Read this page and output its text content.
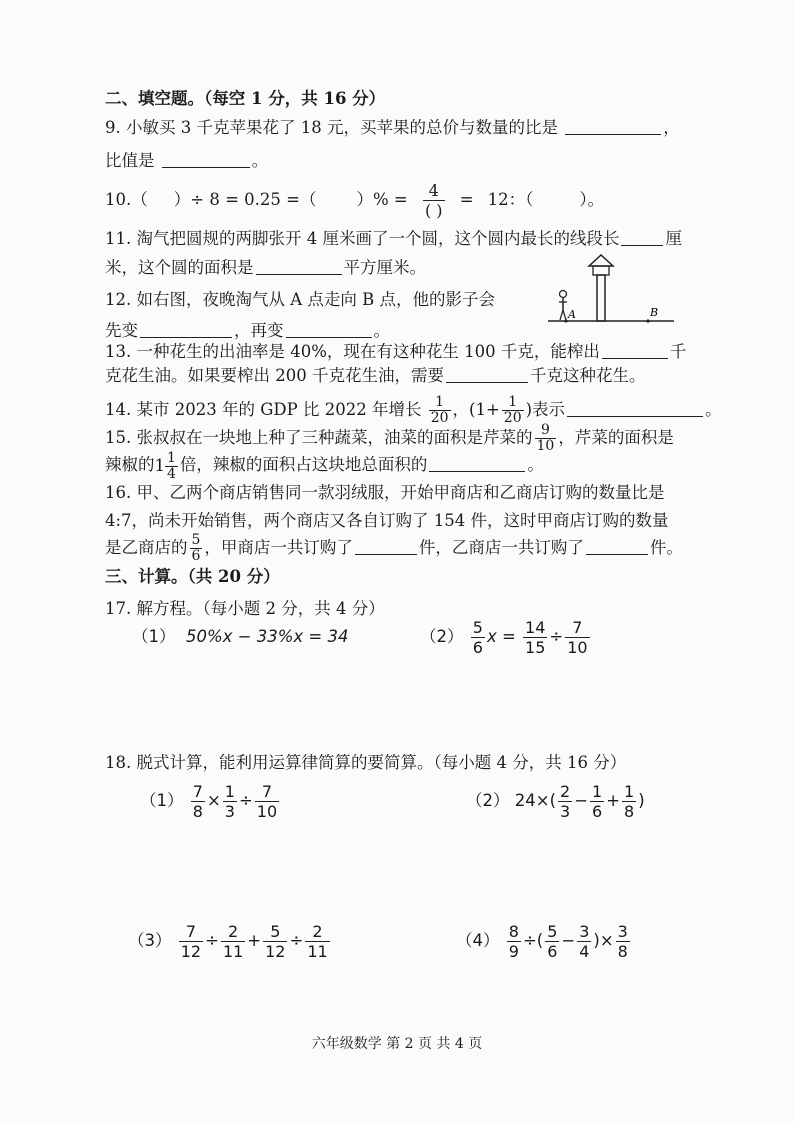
二、填空题。（每空 1 分，共 16 分）
9. 小敏买 3 千克苹果花了 18 元，买苹果的总价与数量的比是	，
比值是	。
10.（ ）÷ 8 = 0.25 =（ ）% = $\frac{4}{( )} = 12$：（	）。
11. 淘气把圆规的两脚张开 4 厘米画了一个圆，这个圆内最长的线段长	厘
米，这个圆的面积是	平方厘米。
12. 如右图，夜晚淘气从 A 点走向 B 点，他的影子会
先变	，再变	。
A	B
13. 一种花生的出油率是 40%，现在有这种花生 100 千克，能榨出	千
克花生油。如果要榨出 200 千克花生油，需要	千克这种花生。
14. 某市 2023 年的 GDP 比 2022 年增长 $\frac{1}{20}$ ，($1+ \frac{1}{20}$ )表示	。
15. 张叔叔在一块地上种了三种蔬菜，油菜的面积是芹菜的 $\frac{9}{10}$ ，芹菜的面积是
辣椒的$1 \frac{1}{4}$ 倍，辣椒的面积占这块地总面积的	。
16. 甲、乙两个商店销售同一款羽绒服，开始甲商店和乙商店订购的数量比是
4:7，尚未开始销售，两个商店又各自订购了 154 件，这时甲商店订购的数量
是乙商店的 $\frac{5}{6}$ ，甲商店一共订购了	件，乙商店一共订购了	件。
三、计算。（共 20 分）
17. 解方程。（每小题 2 分，共 4 分）
（1） 50%x − 33%x = 34	$(2) \frac{5}{6}$ $x = \frac{14}{15} \div \frac{7}{10}$
18. 脱式计算，能利用运算律简算的要简算。（每小题 4 分，共 16 分）
$(1) \frac{7}{8} \times \frac{1}{3} \div \frac{7}{10}$	（2） $24\times( \frac{2}{3} - \frac{1}{6} + \frac{1}{8}$ )
$(3) \frac{7}{12} \div \frac{2}{11} + \frac{5}{12} \div \frac{2}{11}$	$(4) \frac{8}{9}$ ÷( $\frac{5}{6} - \frac{3}{4}$ )× $\frac{3}{8}$
六年级数学 第 2 页 共 4 页
